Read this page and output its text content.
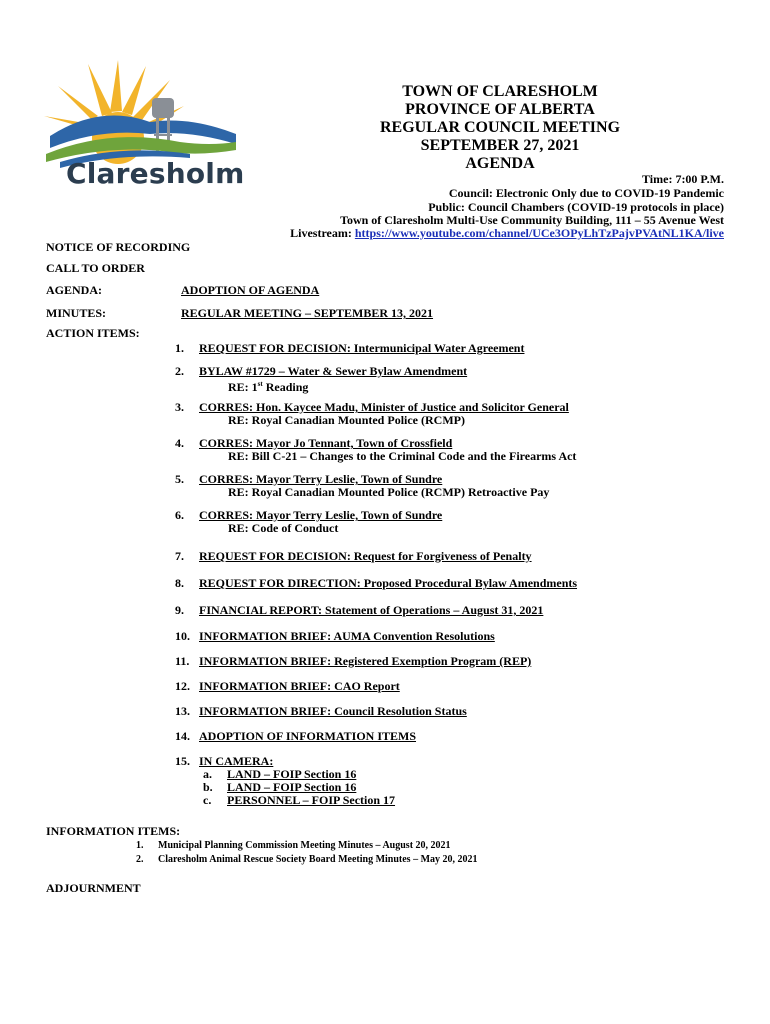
Claresholm
TOWN OF CLARESHOLM
PROVINCE OF ALBERTA
REGULAR COUNCIL MEETING
SEPTEMBER 27, 2021
AGENDA
Time: 7:00 P.M.
Council: Electronic Only due to COVID-19 Pandemic
Public: Council Chambers (COVID-19 protocols in place)
Town of Claresholm Multi-Use Community Building, 111 – 55 Avenue West
Livestream: https://www.youtube.com/channel/UCe3OPyLhTzPajvPVAtNL1KA/live
NOTICE OF RECORDING
CALL TO ORDER
AGENDA:	ADOPTION OF AGENDA
MINUTES:	REGULAR MEETING – SEPTEMBER 13, 2021
ACTION ITEMS:
1. REQUEST FOR DECISION: Intermunicipal Water Agreement
2. BYLAW #1729 – Water & Sewer Bylaw Amendment
RE: 1st Reading
3. CORRES: Hon. Kaycee Madu, Minister of Justice and Solicitor General
RE: Royal Canadian Mounted Police (RCMP)
4. CORRES: Mayor Jo Tennant, Town of Crossfield
RE: Bill C-21 – Changes to the Criminal Code and the Firearms Act
5. CORRES: Mayor Terry Leslie, Town of Sundre
RE: Royal Canadian Mounted Police (RCMP) Retroactive Pay
6. CORRES: Mayor Terry Leslie, Town of Sundre
RE: Code of Conduct
7. REQUEST FOR DECISION: Request for Forgiveness of Penalty
8. REQUEST FOR DIRECTION: Proposed Procedural Bylaw Amendments
9. FINANCIAL REPORT: Statement of Operations – August 31, 2021
10. INFORMATION BRIEF: AUMA Convention Resolutions
11. INFORMATION BRIEF: Registered Exemption Program (REP)
12. INFORMATION BRIEF: CAO Report
13. INFORMATION BRIEF: Council Resolution Status
14. ADOPTION OF INFORMATION ITEMS
15. IN CAMERA:
a. LAND – FOIP Section 16
b. LAND – FOIP Section 16
c. PERSONNEL – FOIP Section 17
INFORMATION ITEMS:
1. Municipal Planning Commission Meeting Minutes – August 20, 2021
2. Claresholm Animal Rescue Society Board Meeting Minutes – May 20, 2021
ADJOURNMENT
